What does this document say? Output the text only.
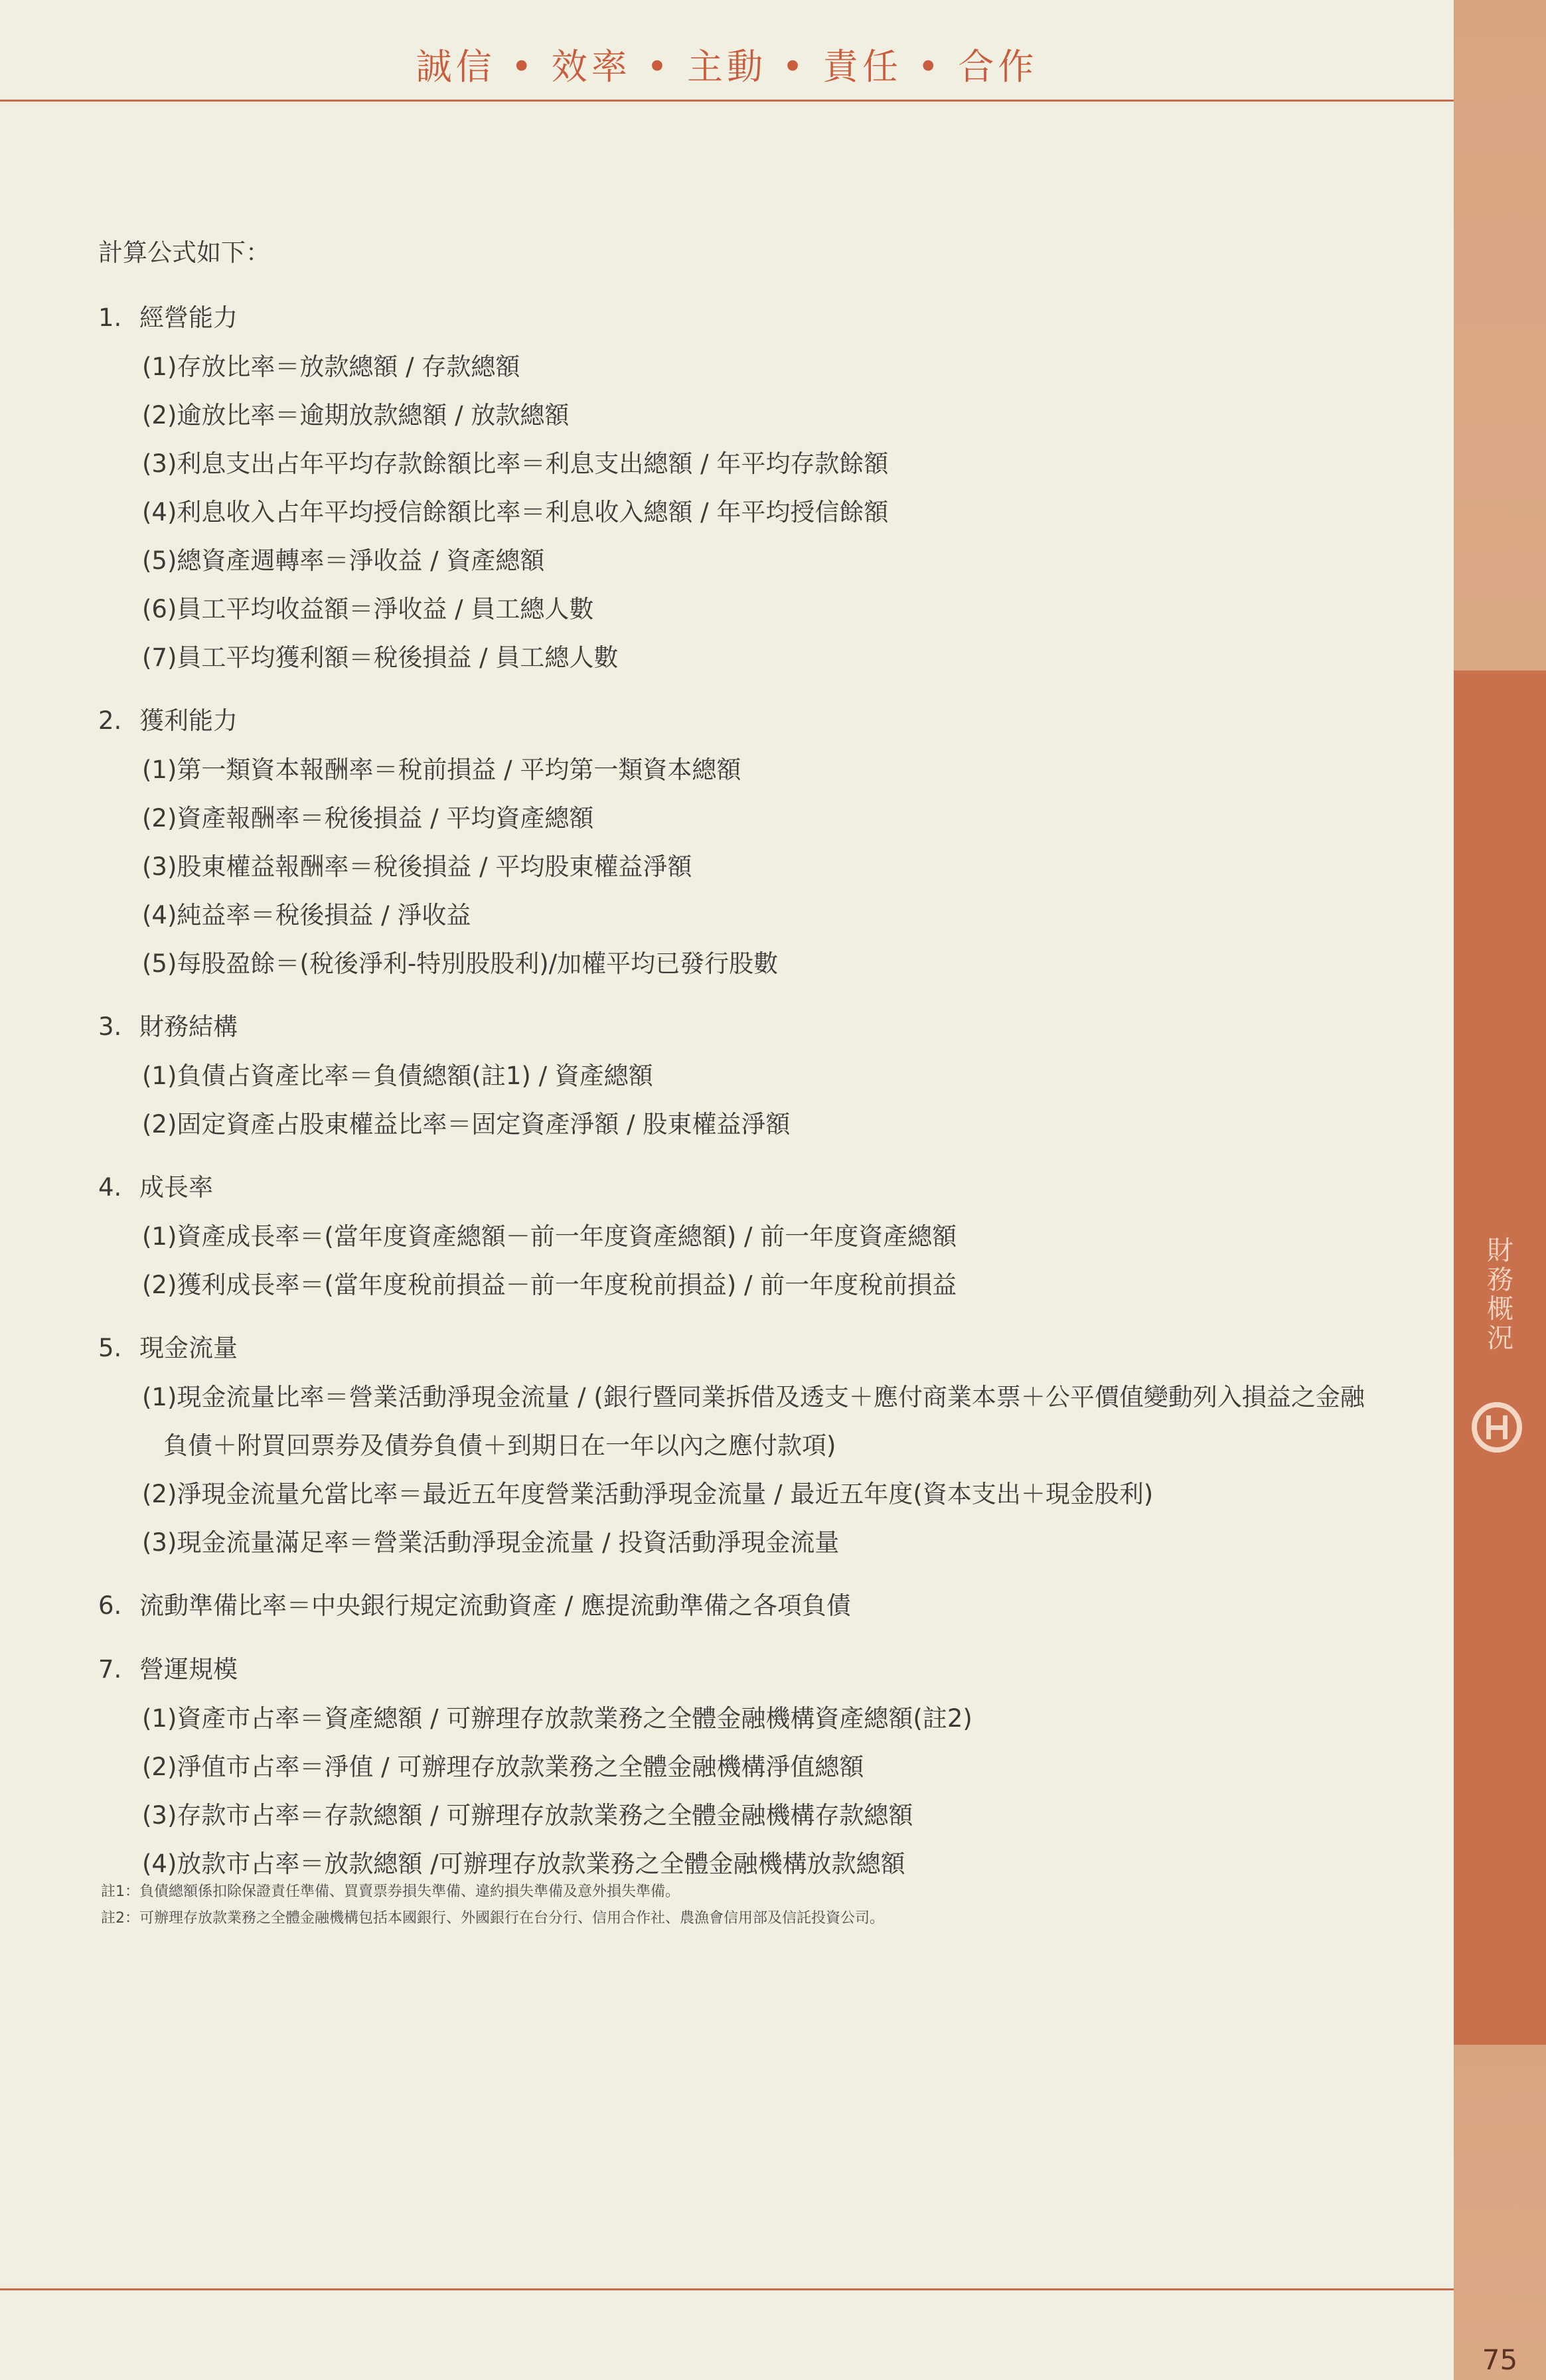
誠信 • 效率 • 主動 • 責任 • 合作
計算公式如下：
1. 經營能力
(1)存放比率＝放款總額 / 存款總額
(2)逾放比率＝逾期放款總額 / 放款總額
(3)利息支出占年平均存款餘額比率＝利息支出總額 / 年平均存款餘額
(4)利息收入占年平均授信餘額比率＝利息收入總額 / 年平均授信餘額
(5)總資產週轉率＝淨收益 / 資產總額
(6)員工平均收益額＝淨收益 / 員工總人數
(7)員工平均獲利額＝稅後損益 / 員工總人數
2. 獲利能力
(1)第一類資本報酬率＝稅前損益 / 平均第一類資本總額
(2)資產報酬率＝稅後損益 / 平均資產總額
(3)股東權益報酬率＝稅後損益 / 平均股東權益淨額
(4)純益率＝稅後損益 / 淨收益
(5)每股盈餘＝(稅後淨利-特別股股利)/加權平均已發行股數
3. 財務結構
(1)負債占資產比率＝負債總額(註1) / 資產總額
(2)固定資產占股東權益比率＝固定資產淨額 / 股東權益淨額
4. 成長率
(1)資產成長率＝(當年度資產總額－前一年度資產總額) / 前一年度資產總額
(2)獲利成長率＝(當年度稅前損益－前一年度稅前損益) / 前一年度稅前損益
5. 現金流量
(1)現金流量比率＝營業活動淨現金流量 / (銀行暨同業拆借及透支＋應付商業本票＋公平價值變動列入損益之金融
負債＋附買回票券及債券負債＋到期日在一年以內之應付款項)
(2)淨現金流量允當比率＝最近五年度營業活動淨現金流量 / 最近五年度(資本支出＋現金股利)
(3)現金流量滿足率＝營業活動淨現金流量 / 投資活動淨現金流量
6. 流動準備比率＝中央銀行規定流動資產 / 應提流動準備之各項負債
7. 營運規模
(1)資產市占率＝資產總額 / 可辦理存放款業務之全體金融機構資產總額(註2)
(2)淨值市占率＝淨值 / 可辦理存放款業務之全體金融機構淨值總額
(3)存款市占率＝存款總額 / 可辦理存放款業務之全體金融機構存款總額
(4)放款市占率＝放款總額 /可辦理存放款業務之全體金融機構放款總額
註1：負債總額係扣除保證責任準備、買賣票券損失準備、違約損失準備及意外損失準備。
註2：可辦理存放款業務之全體金融機構包括本國銀行、外國銀行在台分行、信用合作社、農漁會信用部及信託投資公司。
財
務
概
況
75
